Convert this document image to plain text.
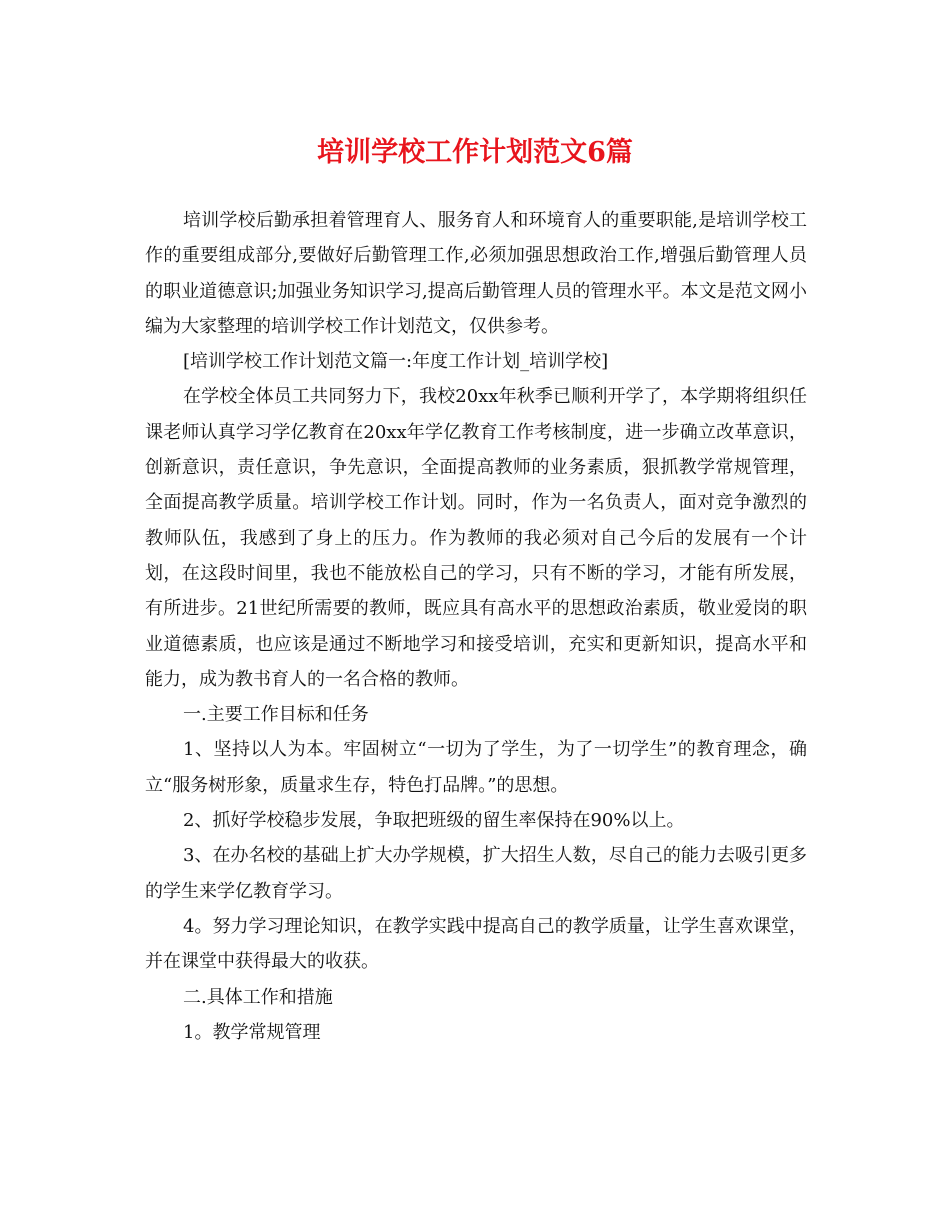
培训学校工作计划范文6篇

培训学校后勤承担着管理育人、服务育人和环境育人的重要职能,是培训学校工作的重要组成部分,要做好后勤管理工作,必须加强思想政治工作,增强后勤管理人员的职业道德意识;加强业务知识学习,提高后勤管理人员的管理水平。本文是范文网小编为大家整理的培训学校工作计划范文，仅供参考。

[培训学校工作计划范文篇一:年度工作计划_培训学校]

在学校全体员工共同努力下，我校20xx年秋季已顺利开学了，本学期将组织任课老师认真学习学亿教育在20xx年学亿教育工作考核制度，进一步确立改革意识，创新意识，责任意识，争先意识，全面提高教师的业务素质，狠抓教学常规管理，全面提高教学质量。培训学校工作计划。同时，作为一名负责人，面对竞争激烈的教师队伍，我感到了身上的压力。作为教师的我必须对自己今后的发展有一个计划，在这段时间里，我也不能放松自己的学习，只有不断的学习，才能有所发展，有所进步。21世纪所需要的教师，既应具有高水平的思想政治素质，敬业爱岗的职业道德素质，也应该是通过不断地学习和接受培训，充实和更新知识，提高水平和能力，成为教书育人的一名合格的教师。

一.主要工作目标和任务

1、坚持以人为本。牢固树立“一切为了学生，为了一切学生”的教育理念，确立“服务树形象，质量求生存，特色打品牌。”的思想。

2、抓好学校稳步发展，争取把班级的留生率保持在90%以上。

3、在办名校的基础上扩大办学规模，扩大招生人数，尽自己的能力去吸引更多的学生来学亿教育学习。

4。努力学习理论知识，在教学实践中提高自己的教学质量，让学生喜欢课堂，并在课堂中获得最大的收获。

二.具体工作和措施

1。教学常规管理
